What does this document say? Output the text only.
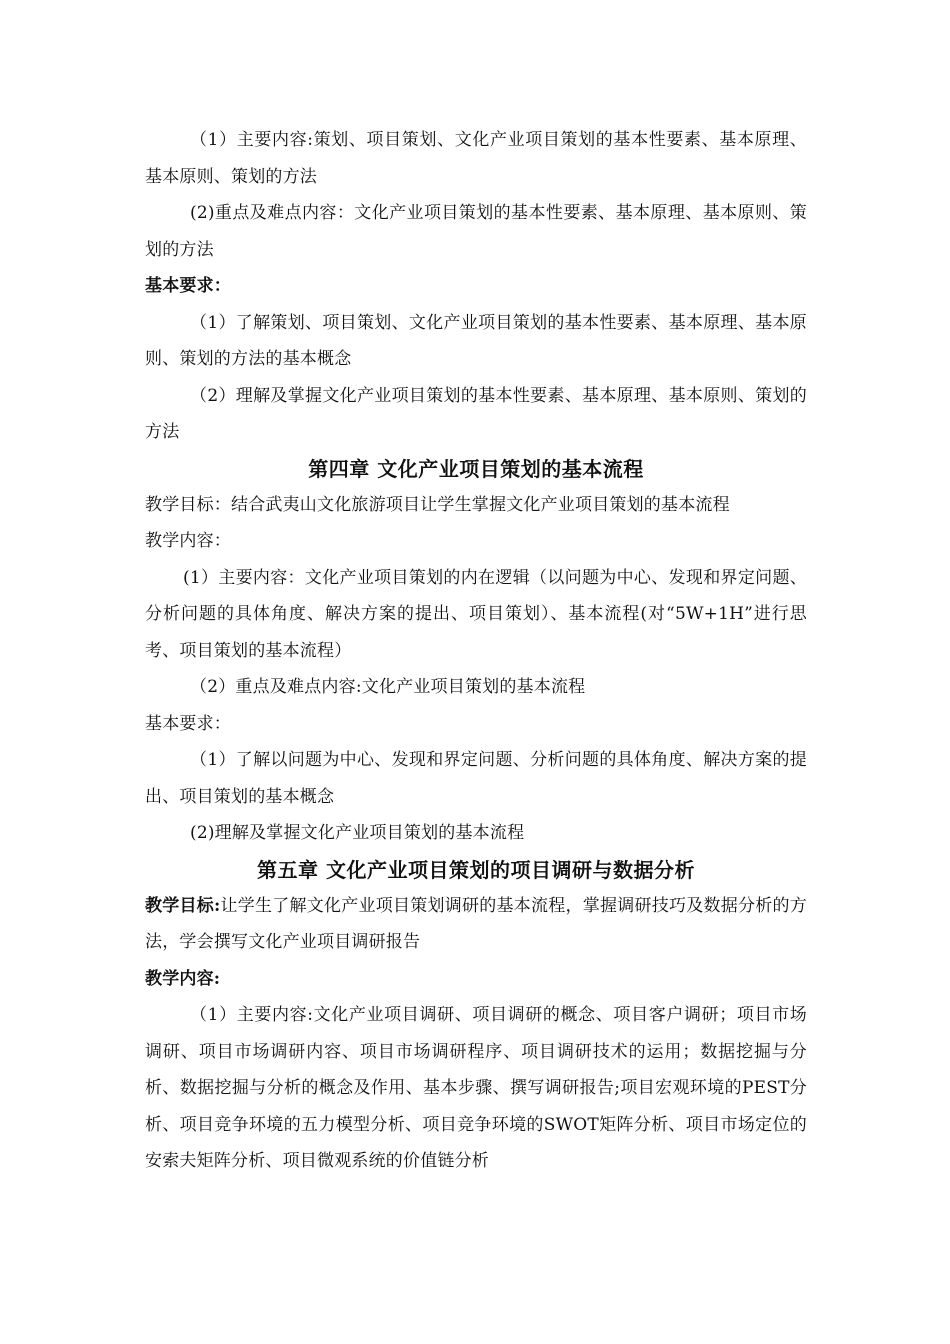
（1）主要内容:策划、项目策划、文化产业项目策划的基本性要素、基本原理、基本原则、策划的方法

(2)重点及难点内容：文化产业项目策划的基本性要素、基本原理、基本原则、策划的方法

基本要求：

（1）了解策划、项目策划、文化产业项目策划的基本性要素、基本原理、基本原则、策划的方法的基本概念

（2）理解及掌握文化产业项目策划的基本性要素、基本原理、基本原则、策划的方法

第四章 文化产业项目策划的基本流程

教学目标：结合武夷山文化旅游项目让学生掌握文化产业项目策划的基本流程

教学内容：

(1）主要内容：文化产业项目策划的内在逻辑（以问题为中心、发现和界定问题、分析问题的具体角度、解决方案的提出、项目策划）、基本流程(对“5W+1H”进行思考、项目策划的基本流程）

（2）重点及难点内容:文化产业项目策划的基本流程

基本要求：

（1）了解以问题为中心、发现和界定问题、分析问题的具体角度、解决方案的提出、项目策划的基本概念

(2)理解及掌握文化产业项目策划的基本流程

第五章 文化产业项目策划的项目调研与数据分析

教学目标:让学生了解文化产业项目策划调研的基本流程，掌握调研技巧及数据分析的方法，学会撰写文化产业项目调研报告

教学内容:

（1）主要内容:文化产业项目调研、项目调研的概念、项目客户调研；项目市场调研、项目市场调研内容、项目市场调研程序、项目调研技术的运用；数据挖掘与分析、数据挖掘与分析的概念及作用、基本步骤、撰写调研报告;项目宏观环境的PEST分析、项目竞争环境的五力模型分析、项目竞争环境的SWOT矩阵分析、项目市场定位的安索夫矩阵分析、项目微观系统的价值链分析
